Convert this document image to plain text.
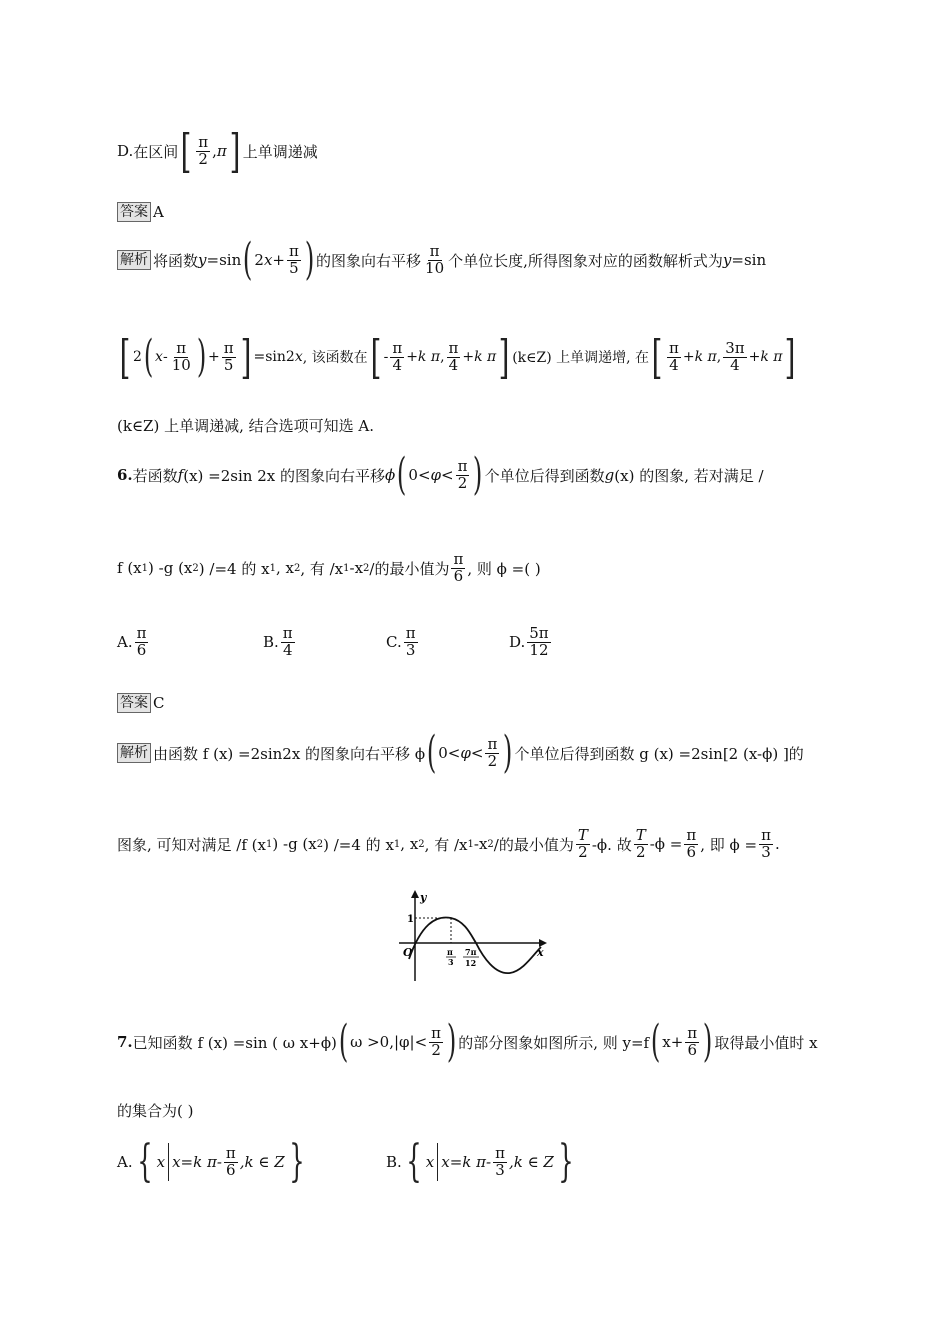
D. 在区间 [ $\frac{\pi}{2}$ , π ] 上单调递减
答案 A
解析 将函数 y =sin ( 2 $x + \frac{\pi}{5}$ ) 的图象向右平移 $\frac{\pi}{10}$ 个单位长度,所得图象对应的函数解析式为 y =sin
[ 2 ( x - $\frac{\pi}{10}$ ) + $\frac{\pi}{5}$ ] =sin2 x , 该函数在 [ - $\frac{\pi}{4} +k$ π , $\frac{\pi}{4} +k$ π ] (k∈Z) 上单调递增, 在 [ $\frac{\pi}{4} +k$ π , $\frac{3\pi}{4} +k$ π ]
(k∈Z) 上单调递减, 结合选项可知选 A.
6. 若函数 f (x) =2sin 2x 的图象向右平移 ϕ ( $0< \varphi < \frac{\pi}{2}$ ) 个单位后得到函数 g (x) 的图象, 若对满足 /
f (x 1 ) -g (x 2 ) /=4 的 x 1 , x 2 , 有 /x 1 -x 2 /的最小值为 $\frac{\pi}{6}$ , 则 ϕ =( )
A. $\frac{\pi}{6}$	B. $\frac{\pi}{4}$	C. $\frac{\pi}{3}$	D. $\frac{5\pi}{12}$
答案 C
解析 由函数 f (x) =2sin2x 的图象向右平移 ϕ ( $0< \varphi < \frac{\pi}{2}$ ) 个单位后得到函数 g (x) =2sin[2 (x-ϕ) ]的
图象, 可知对满足 /f (x 1 ) -g (x 2 ) /=4 的 x 1 , x 2 , 有 /x 1 -x 2 /的最小值为 $\frac{T}{2} -\phi$. 故 $\frac{T}{2} -\phi = \frac{\pi}{6}$ , 即 $\phi = \frac{\pi}{3}$ .
y
x
O
1
π
3
7π
12
7. 已知函数 f (x) =sin ( ω x+ϕ) ( $\omega >0,|\varphi|< \frac{\pi}{2}$ ) 的部分图象如图所示, 则 y=f ( $x+ \frac{\pi}{6}$ ) 取得最小值时 x
的集合为( )
A. { x x=k $\pi- \frac{\pi}{6} ,k$ ∈ Z }	B. { x x=k $\pi- \frac{\pi}{3} ,k$ ∈ Z }
